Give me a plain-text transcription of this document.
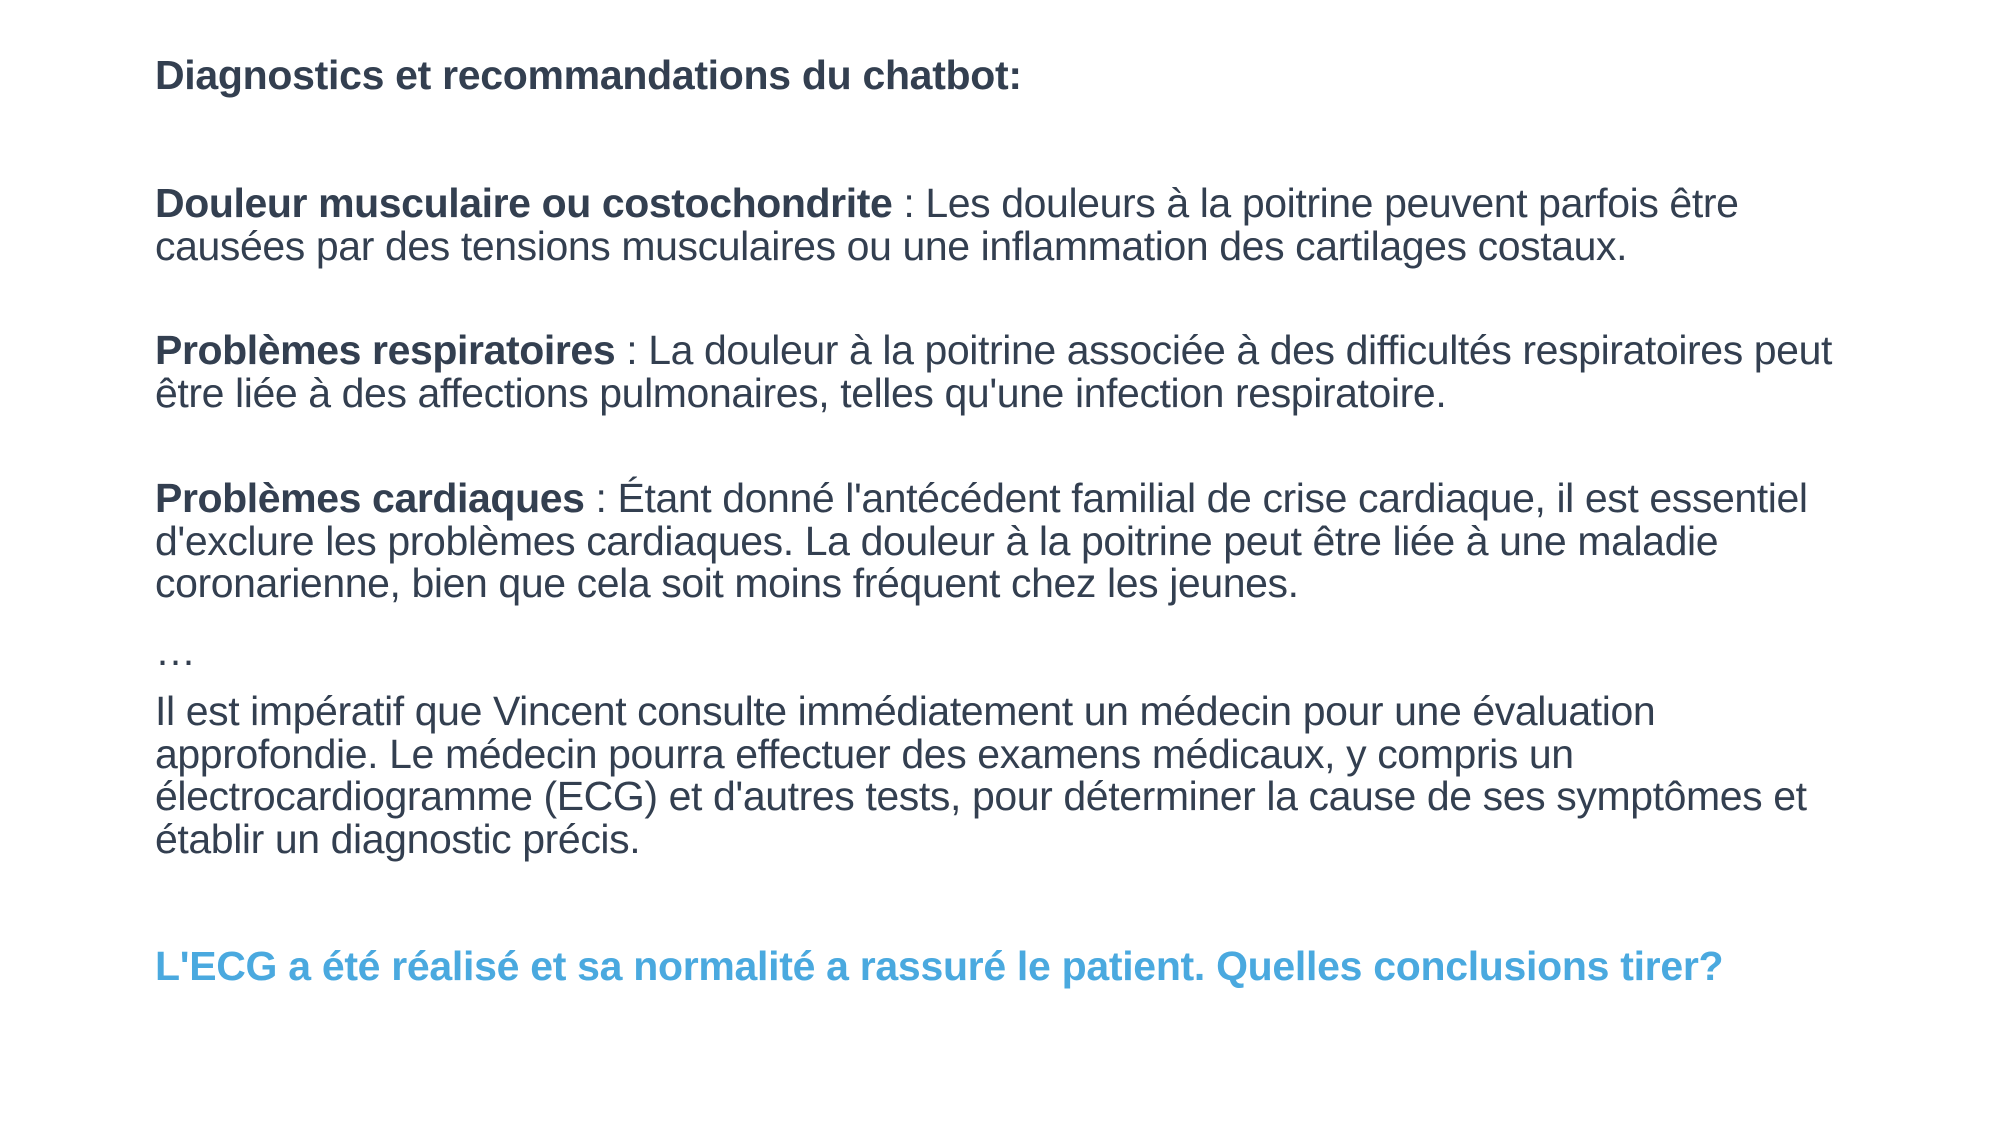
Diagnostics et recommandations du chatbot:
Douleur musculaire ou costochondrite : Les douleurs à la poitrine peuvent parfois être causées par des tensions musculaires ou une inflammation des cartilages costaux.
Problèmes respiratoires : La douleur à la poitrine associée à des difficultés respiratoires peut être liée à des affections pulmonaires, telles qu'une infection respiratoire.
Problèmes cardiaques : Étant donné l'antécédent familial de crise cardiaque, il est essentiel d'exclure les problèmes cardiaques. La douleur à la poitrine peut être liée à une maladie coronarienne, bien que cela soit moins fréquent chez les jeunes.
…
Il est impératif que Vincent consulte immédiatement un médecin pour une évaluation approfondie. Le médecin pourra effectuer des examens médicaux, y compris un électrocardiogramme (ECG) et d'autres tests, pour déterminer la cause de ses symptômes et établir un diagnostic précis.
L'ECG a été réalisé et sa normalité a rassuré le patient. Quelles conclusions tirer?
